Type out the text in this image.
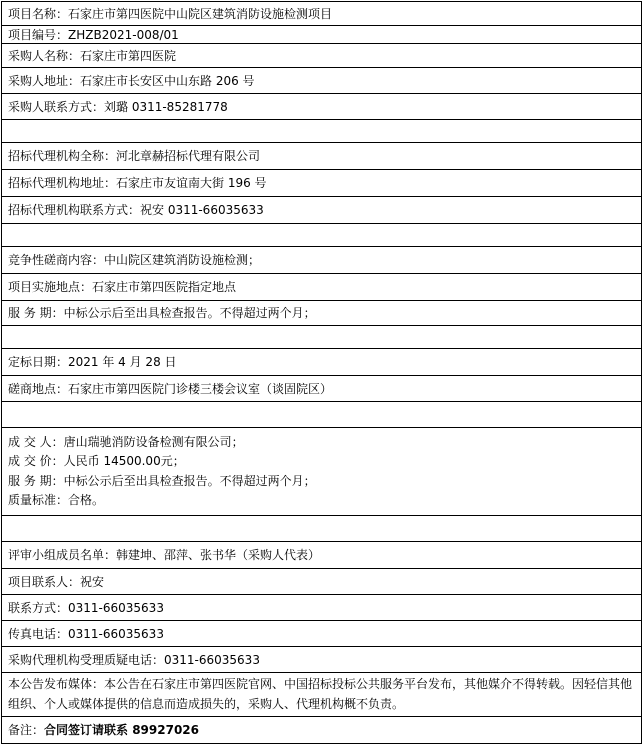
项目名称：石家庄市第四医院中山院区建筑消防设施检测项目
项目编号：ZHZB2021-008/01
采购人名称：石家庄市第四医院
采购人地址：石家庄市长安区中山东路 206 号
采购人联系方式：刘璐 0311-85281778

招标代理机构全称：河北章赫招标代理有限公司
招标代理机构地址：石家庄市友谊南大街 196 号
招标代理机构联系方式：祝安 0311-66035633

竞争性磋商内容：中山院区建筑消防设施检测；
项目实施地点：石家庄市第四医院指定地点
服 务 期：中标公示后至出具检查报告。不得超过两个月；

定标日期：2021 年 4 月 28 日
磋商地点：石家庄市第四医院门诊楼三楼会议室（谈固院区）

成 交 人：唐山瑞驰消防设备检测有限公司；
成 交 价：人民币 14500.00元；
服 务 期：中标公示后至出具检查报告。不得超过两个月；
质量标准：合格。

评审小组成员名单：韩建坤、邵萍、张书华（采购人代表）
项目联系人：祝安
联系方式：0311-66035633
传真电话：0311-66035633
采购代理机构受理质疑电话：0311-66035633

本公告发布媒体：本公告在石家庄市第四医院官网、中国招标投标公共服务平台发布，其他媒介不得转载。因轻信其他组织、个人或媒体提供的信息而造成损失的，采购人、代理机构概不负责。

备注：合同签订请联系 89927026
